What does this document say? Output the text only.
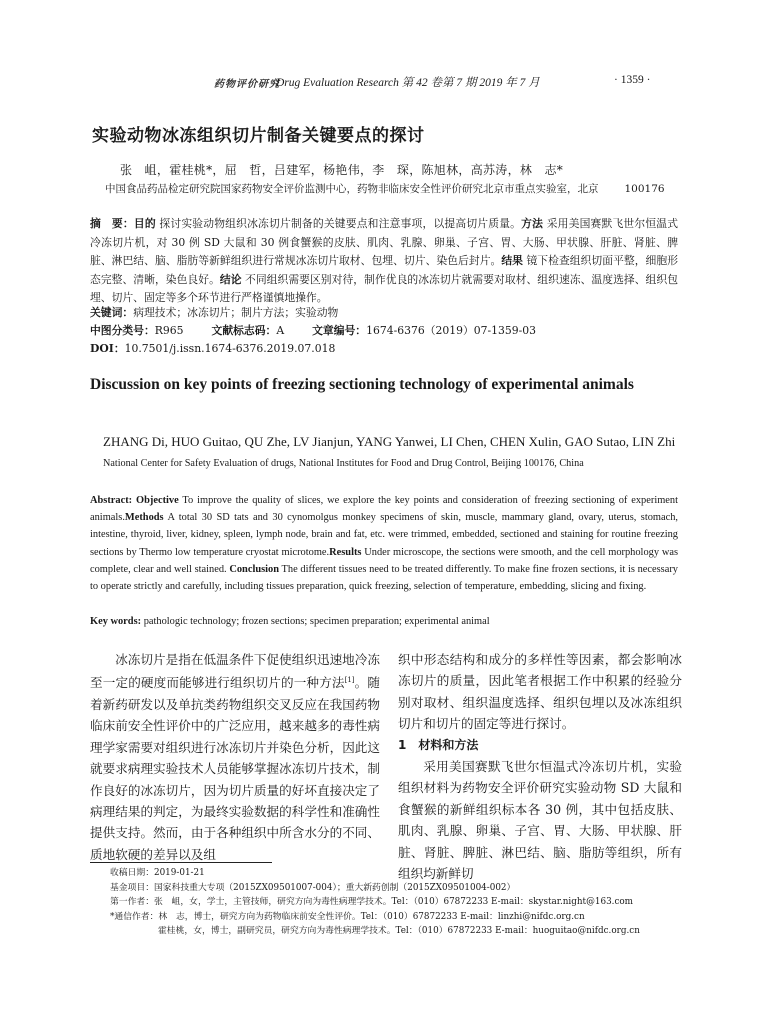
药物评价研究
Drug Evaluation Research 第 42 卷第 7 期 2019 年 7 月	· 1359 ·
实验动物冰冻组织切片制备关键要点的探讨
张　岨，霍桂桃*，屈　哲，吕建军，杨艳伟，李　琛，陈旭林，高苏涛，林　志*
中国食品药品检定研究院国家药物安全评价监测中心，药物非临床安全性评价研究北京市重点实验室，北京 100176
摘　要：目的 探讨实验动物组织冰冻切片制备的关键要点和注意事项，以提高切片质量。方法 采用美国赛默飞世尔恒温式冷冻切片机，对 30 例 SD 大鼠和 30 例食蟹猴的皮肤、肌肉、乳腺、卵巢、子宫、胃、大肠、甲状腺、肝脏、肾脏、脾脏、淋巴结、脑、脂肪等新鲜组织进行常规冰冻切片取材、包埋、切片、染色后封片。结果 镜下检查组织切面平整，细胞形态完整、清晰，染色良好。结论 不同组织需要区别对待，制作优良的冰冻切片就需要对取材、组织速冻、温度选择、组织包埋、切片、固定等多个环节进行严格谨慎地操作。
关键词：病理技术；冰冻切片；制片方法；实验动物
中图分类号：R965	文献标志码：A	文章编号：1674-6376（2019）07-1359-03
DOI：10.7501/j.issn.1674-6376.2019.07.018
Discussion on key points of freezing sectioning technology of experimental animals
ZHANG Di, HUO Guitao, QU Zhe, LV Jianjun, YANG Yanwei, LI Chen, CHEN Xulin, GAO Sutao, LIN Zhi
National Center for Safety Evaluation of drugs, National Institutes for Food and Drug Control, Beijing 100176, China
Abstract: Objective To improve the quality of slices, we explore the key points and consideration of freezing sectioning of experiment animals.Methods A total 30 SD tats and 30 cynomolgus monkey specimens of skin, muscle, mammary gland, ovary, uterus, stomach, intestine, thyroid, liver, kidney, spleen, lymph node, brain and fat, etc. were trimmed, embedded, sectioned and staining for routine freezing sections by Thermo low temperature cryostat microtome.Results Under microscope, the sections were smooth, and the cell morphology was complete, clear and well stained. Conclusion The different tissues need to be treated differently. To make fine frozen sections, it is necessary to operate strictly and carefully, including tissues preparation, quick freezing, selection of temperature, embedding, slicing and fixing.
Key words: pathologic technology; frozen sections; specimen preparation; experimental animal
冰冻切片是指在低温条件下促使组织迅速地冷冻至一定的硬度而能够进行组织切片的一种方法[1]。随着新药研发以及单抗类药物组织交叉反应在我国药物临床前安全性评价中的广泛应用，越来越多的毒性病理学家需要对组织进行冰冻切片并染色分析，因此这就要求病理实验技术人员能够掌握冰冻切片技术，制作良好的冰冻切片，因为切片质量的好坏直接决定了病理结果的判定，为最终实验数据的科学性和准确性提供支持。然而，由于各种组织中所含水分的不同、质地软硬的差异以及组
织中形态结构和成分的多样性等因素，都会影响冰冻切片的质量，因此笔者根据工作中积累的经验分别对取材、组织温度选择、组织包埋以及冰冻组织切片和切片的固定等进行探讨。
1　材料和方法
采用美国赛默飞世尔恒温式冷冻切片机，实验组织材料为药物安全评价研究实验动物 SD 大鼠和食蟹猴的新鲜组织标本各 30 例，其中包括皮肤、肌肉、乳腺、卵巢、子宫、胃、大肠、甲状腺、肝脏、肾脏、脾脏、淋巴结、脑、脂肪等组织，所有组织均新鲜切
收稿日期：2019-01-21
基金项目：国家科技重大专项（2015ZX09501007-004）；重大新药创制（2015ZX09501004-002）
第一作者：张　岨，女，学士，主管技师，研究方向为毒性病理学技术。Tel：（010）67872233 E-mail：skystar.night@163.com
*通信作者：林　志，博士，研究方向为药物临床前安全性评价。Tel：（010）67872233 E-mail：linzhi@nifdc.org.cn
霍桂桃，女，博士，副研究员，研究方向为毒性病理学技术。Tel：（010）67872233 E-mail：huoguitao@nifdc.org.cn
